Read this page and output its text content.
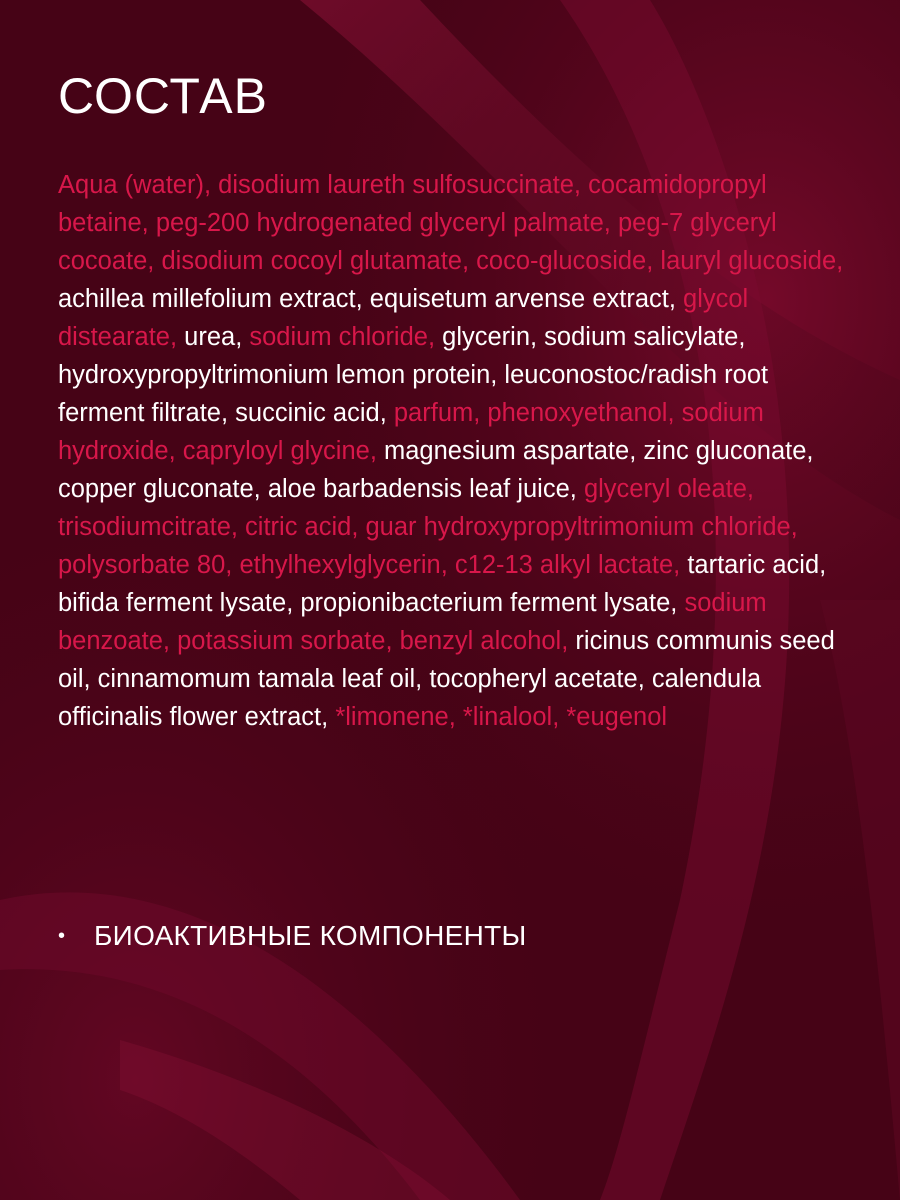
СОСТАВ

Aqua (water), disodium laureth sulfosuccinate, cocamidopropyl betaine, peg-200 hydrogenated glyceryl palmate, peg-7 glyceryl cocoate, disodium cocoyl glutamate, coco-glucoside, lauryl glucoside, achillea millefolium extract, equisetum arvense extract, glycol distearate, urea, sodium chloride, glycerin, sodium salicylate, hydroxypropyltrimonium lemon protein, leuconostoc/radish root ferment filtrate, succinic acid, parfum, phenoxyethanol, sodium hydroxide, capryloyl glycine, magnesium aspartate, zinc gluconate, copper gluconate, aloe barbadensis leaf juice, glyceryl oleate, trisodiumcitrate, citric acid, guar hydroxypropyltrimonium chloride, polysorbate 80, ethylhexylglycerin, c12-13 alkyl lactate, tartaric acid, bifida ferment lysate, propionibacterium ferment lysate, sodium benzoate, potassium sorbate, benzyl alcohol, ricinus communis seed oil, cinnamomum tamala leaf oil, tocopheryl acetate, calendula officinalis flower extract, *limonene, *linalool, *eugenol

•	БИОАКТИВНЫЕ КОМПОНЕНТЫ
